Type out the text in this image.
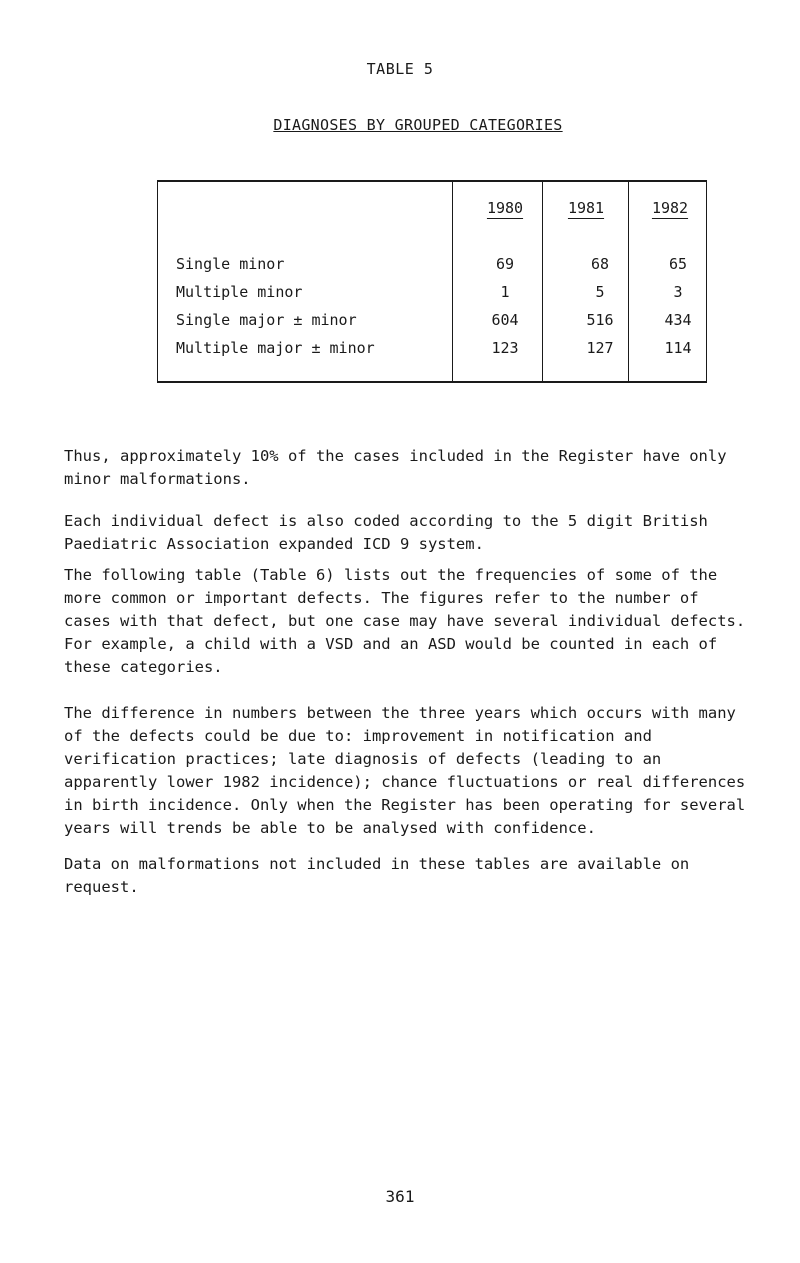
TABLE 5
DIAGNOSES BY GROUPED CATEGORIES
1980	1981	1982
Single minor	69	68	65
Multiple minor	1	5	3
Single major ± minor	604	516	434
Multiple major ± minor	123	127	114

Thus, approximately 10% of the cases included in the Register have only
minor malformations.

Each individual defect is also coded according to the 5 digit British
Paediatric Association expanded ICD 9 system.

The following table (Table 6) lists out the frequencies of some of the
more common or important defects. The figures refer to the number of
cases with that defect, but one case may have several individual defects.
For example, a child with a VSD and an ASD would be counted in each of
these categories.

The difference in numbers between the three years which occurs with many
of the defects could be due to: improvement in notification and
verification practices; late diagnosis of defects (leading to an
apparently lower 1982 incidence); chance fluctuations or real differences
in birth incidence. Only when the Register has been operating for several
years will trends be able to be analysed with confidence.

Data on malformations not included in these tables are available on
request.

361
